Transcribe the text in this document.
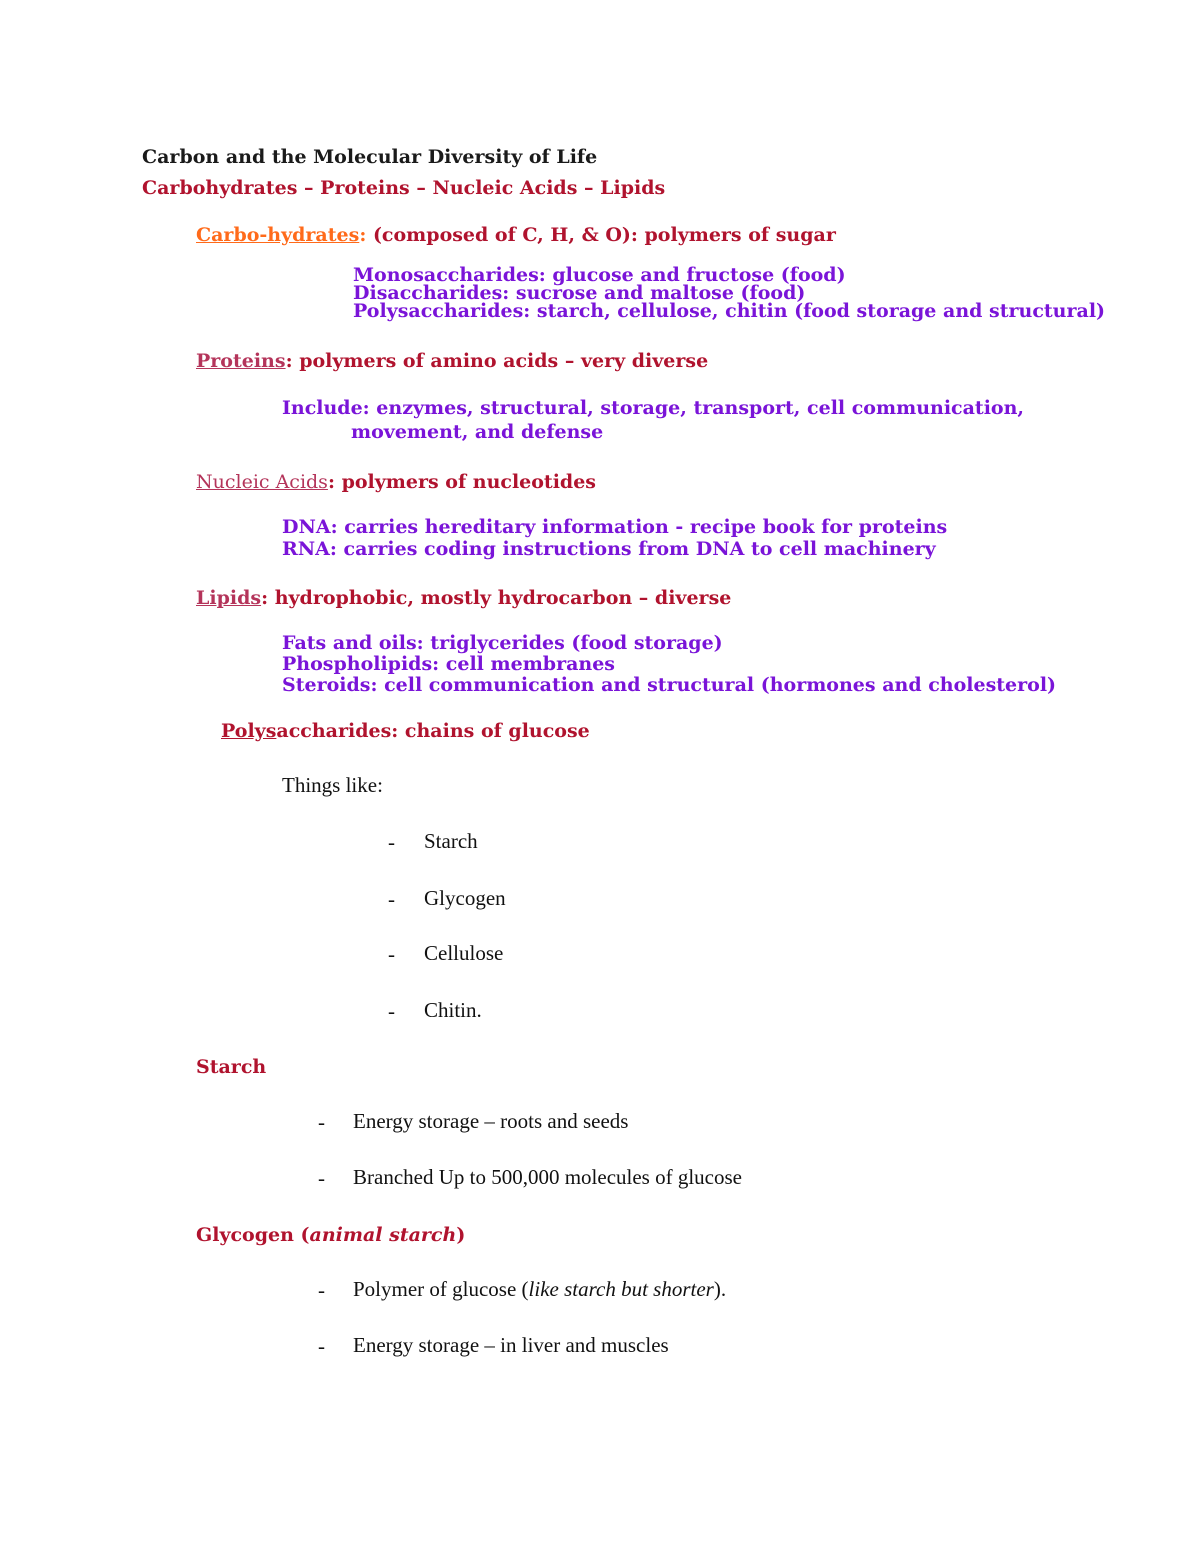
Carbon and the Molecular Diversity of Life
Carbohydrates – Proteins – Nucleic Acids – Lipids
Carbo-hydrates: (composed of C, H, & O): polymers of sugar
Monosaccharides: glucose and fructose (food)
Disaccharides: sucrose and maltose (food)
Polysaccharides: starch, cellulose, chitin (food storage and structural)
Proteins: polymers of amino acids – very diverse
Include: enzymes, structural, storage, transport, cell communication,
movement, and defense
Nucleic Acids: polymers of nucleotides
DNA: carries hereditary information - recipe book for proteins
RNA: carries coding instructions from DNA to cell machinery
Lipids: hydrophobic, mostly hydrocarbon – diverse
Fats and oils: triglycerides (food storage)
Phospholipids: cell membranes
Steroids: cell communication and structural (hormones and cholesterol)
Polysaccharides: chains of glucose
Things like:
- Starch
- Glycogen
- Cellulose
- Chitin.
Starch
- Energy storage – roots and seeds
- Branched Up to 500,000 molecules of glucose
Glycogen (animal starch)
- Polymer of glucose (like starch but shorter).
- Energy storage – in liver and muscles
